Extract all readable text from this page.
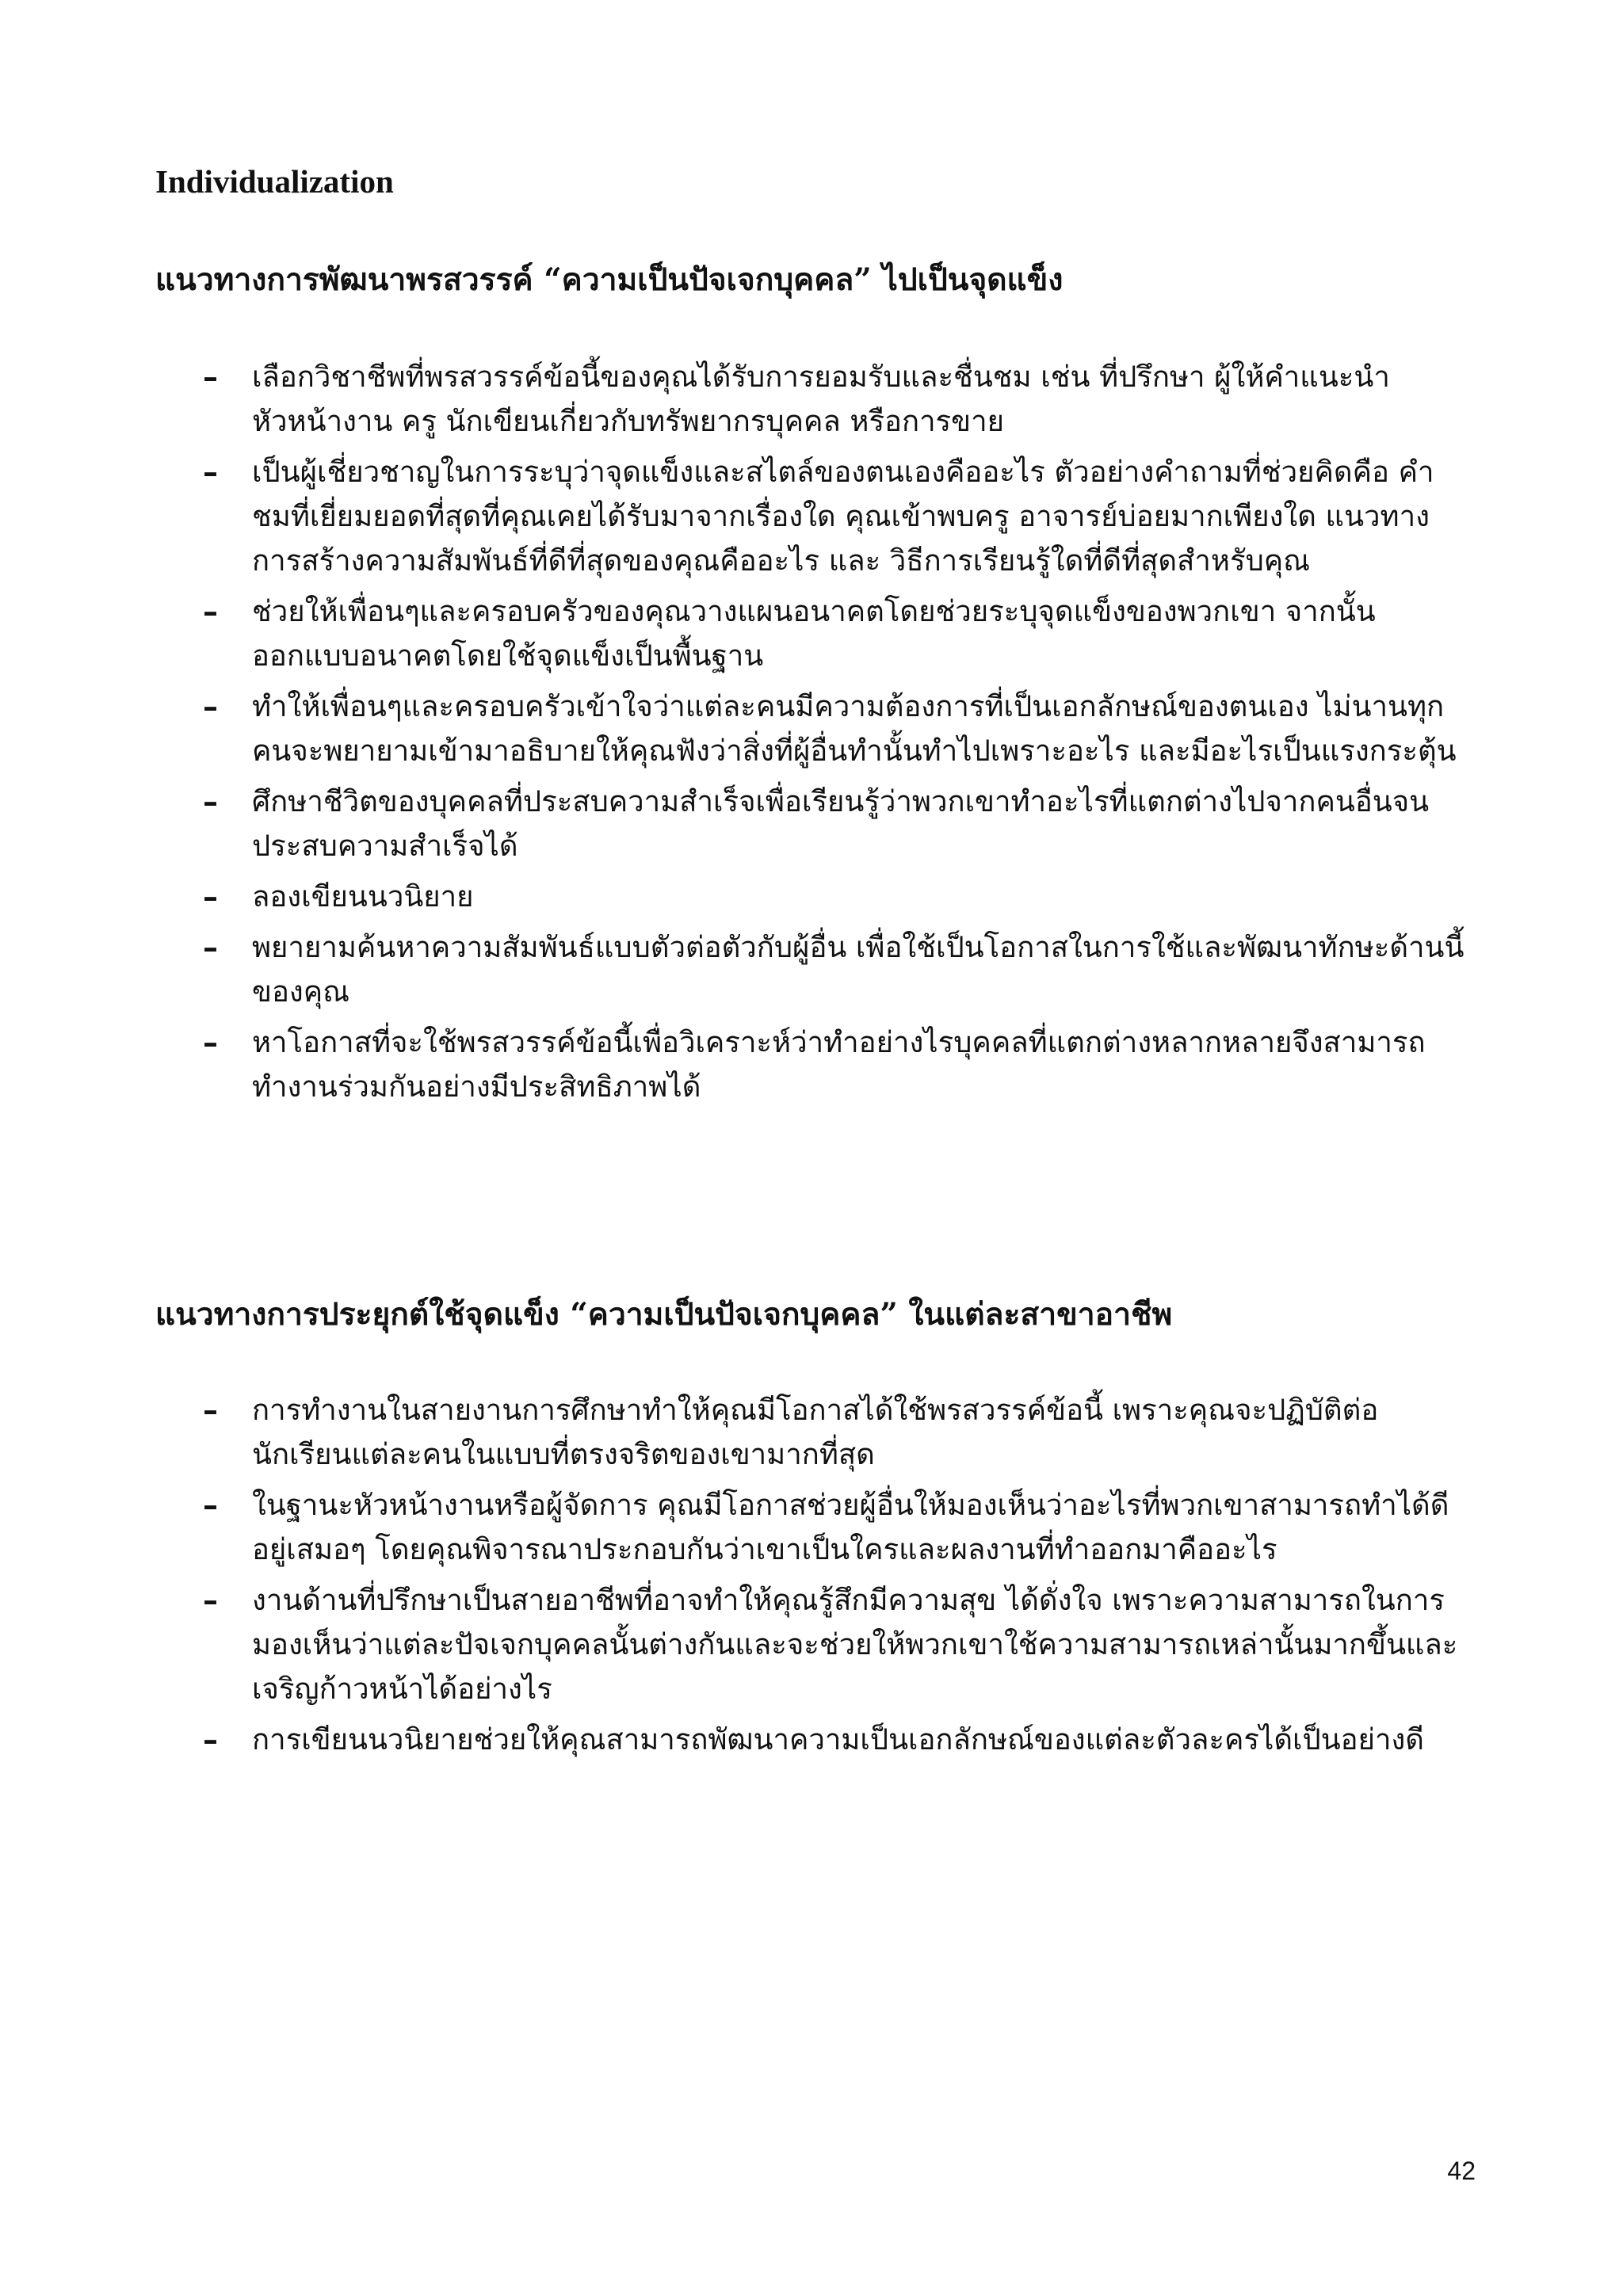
Individualization
แนวทางการพัฒนาพรสวรรค์ “ความเป็นปัจเจกบุคคล” ไปเป็นจุดแข็ง
– เลือกวิชาชีพที่พรสวรรค์ข้อนี้ของคุณได้รับการยอมรับและชื่นชม เช่น ที่ปรึกษา ผู้ให้คำแนะนำ หัวหน้างาน ครู นักเขียนเกี่ยวกับทรัพยากรบุคคล หรือการขาย
– เป็นผู้เชี่ยวชาญในการระบุว่าจุดแข็งและสไตล์ของตนเองคืออะไร ตัวอย่างคำถามที่ช่วยคิดคือ คำชมที่เยี่ยมยอดที่สุดที่คุณเคยได้รับมาจากเรื่องใด คุณเข้าพบครู อาจารย์บ่อยมากเพียงใด แนวทางการสร้างความสัมพันธ์ที่ดีที่สุดของคุณคืออะไร และ วิธีการเรียนรู้ใดที่ดีที่สุดสำหรับคุณ
– ช่วยให้เพื่อนๆและครอบครัวของคุณวางแผนอนาคตโดยช่วยระบุจุดแข็งของพวกเขา จากนั้นออกแบบอนาคตโดยใช้จุดแข็งเป็นพื้นฐาน
– ทำให้เพื่อนๆและครอบครัวเข้าใจว่าแต่ละคนมีความต้องการที่เป็นเอกลักษณ์ของตนเอง ไม่นานทุกคนจะพยายามเข้ามาอธิบายให้คุณฟังว่าสิ่งที่ผู้อื่นทำนั้นทำไปเพราะอะไร และมีอะไรเป็นแรงกระตุ้น
– ศึกษาชีวิตของบุคคลที่ประสบความสำเร็จเพื่อเรียนรู้ว่าพวกเขาทำอะไรที่แตกต่างไปจากคนอื่นจนประสบความสำเร็จได้
– ลองเขียนนวนิยาย
– พยายามค้นหาความสัมพันธ์แบบตัวต่อตัวกับผู้อื่น เพื่อใช้เป็นโอกาสในการใช้และพัฒนาทักษะด้านนี้ของคุณ
– หาโอกาสที่จะใช้พรสวรรค์ข้อนี้เพื่อวิเคราะห์ว่าทำอย่างไรบุคคลที่แตกต่างหลากหลายจึงสามารถทำงานร่วมกันอย่างมีประสิทธิภาพได้
แนวทางการประยุกต์ใช้จุดแข็ง “ความเป็นปัจเจกบุคคล” ในแต่ละสาขาอาชีพ
– การทำงานในสายงานการศึกษาทำให้คุณมีโอกาสได้ใช้พรสวรรค์ข้อนี้ เพราะคุณจะปฏิบัติต่อนักเรียนแต่ละคนในแบบที่ตรงจริตของเขามากที่สุด
– ในฐานะหัวหน้างานหรือผู้จัดการ คุณมีโอกาสช่วยผู้อื่นให้มองเห็นว่าอะไรที่พวกเขาสามารถทำได้ดีอยู่เสมอๆ โดยคุณพิจารณาประกอบกันว่าเขาเป็นใครและผลงานที่ทำออกมาคืออะไร
– งานด้านที่ปรึกษาเป็นสายอาชีพที่อาจทำให้คุณรู้สึกมีความสุข ได้ดั่งใจ เพราะความสามารถในการมองเห็นว่าแต่ละปัจเจกบุคคลนั้นต่างกันและจะช่วยให้พวกเขาใช้ความสามารถเหล่านั้นมากขึ้นและเจริญก้าวหน้าได้อย่างไร
– การเขียนนวนิยายช่วยให้คุณสามารถพัฒนาความเป็นเอกลักษณ์ของแต่ละตัวละครได้เป็นอย่างดี

42
